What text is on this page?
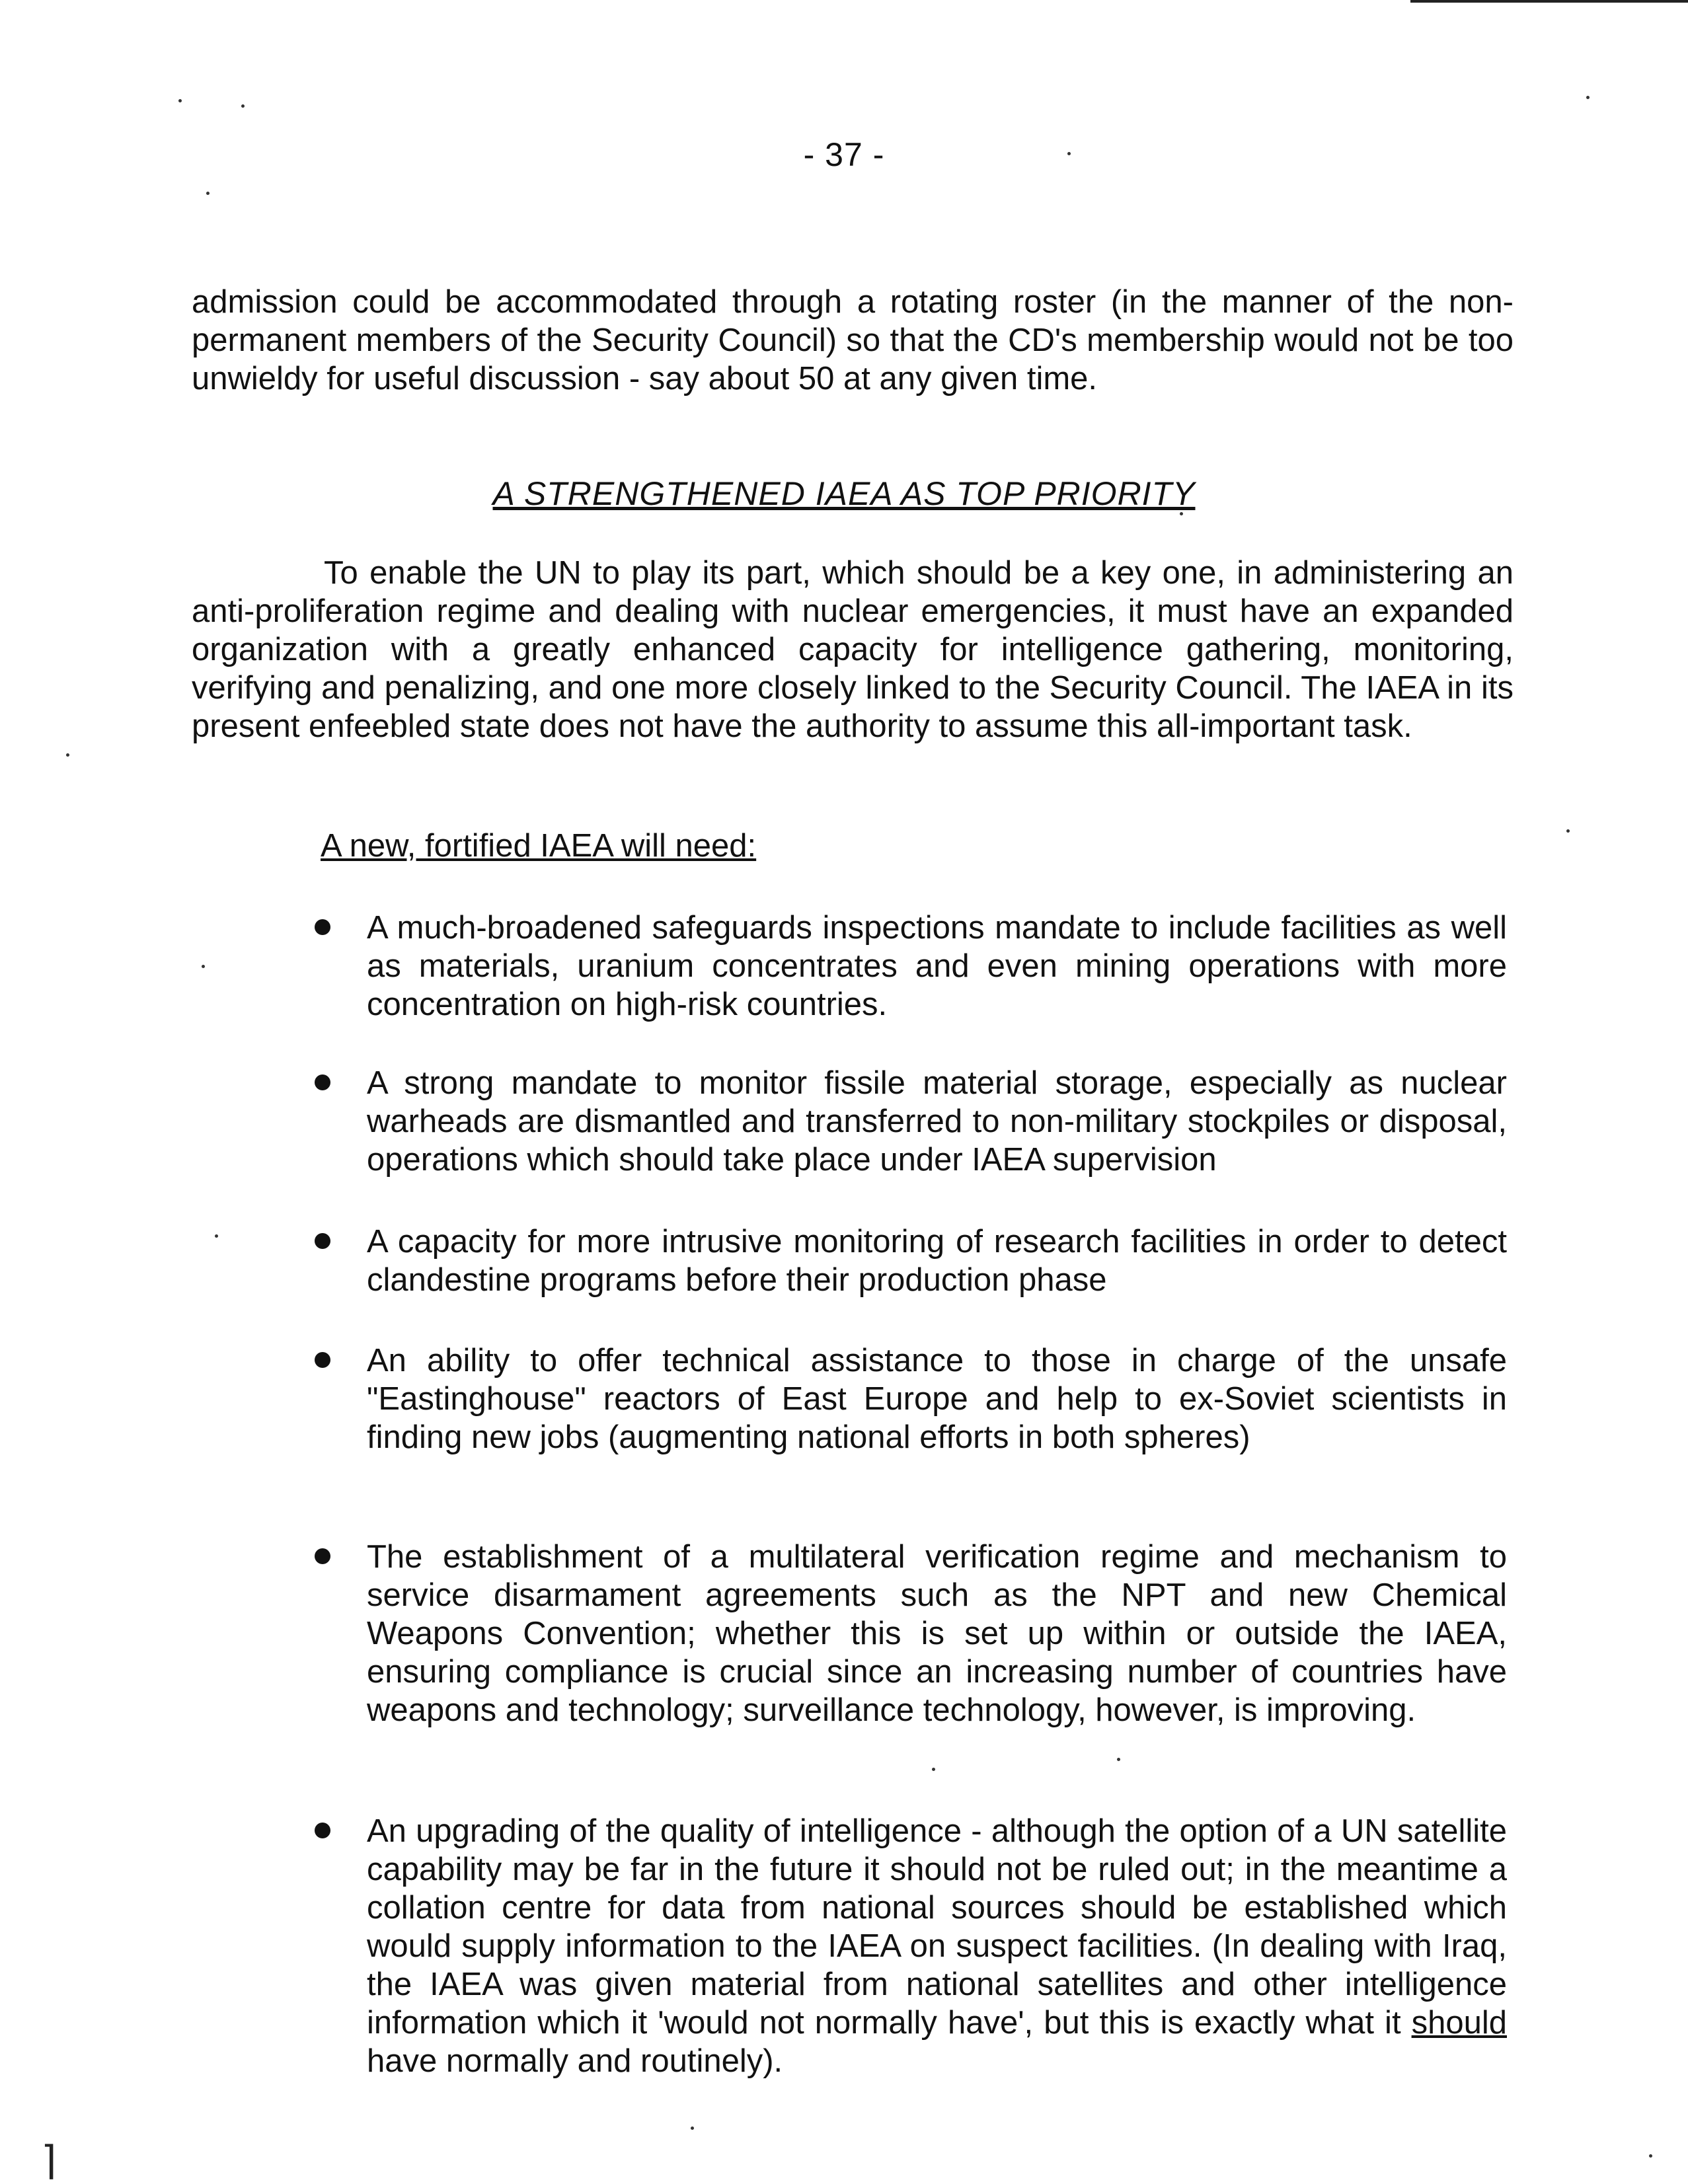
- 37 -

admission could be accommodated through a rotating roster (in the manner of the non-permanent members of the Security Council) so that the CD's membership would not be too unwieldy for useful discussion - say about 50 at any given time.

A STRENGTHENED IAEA AS TOP PRIORITY

To enable the UN to play its part, which should be a key one, in administering an anti-proliferation regime and dealing with nuclear emergencies, it must have an expanded organization with a greatly enhanced capacity for intelligence gathering, monitoring, verifying and penalizing, and one more closely linked to the Security Council. The IAEA in its present enfeebled state does not have the authority to assume this all-important task.

A new, fortified IAEA will need:
A much-broadened safeguards inspections mandate to include facilities as well as materials, uranium concentrates and even mining operations with more concentration on high-risk countries.
A strong mandate to monitor fissile material storage, especially as nuclear warheads are dismantled and transferred to non-military stockpiles or disposal, operations which should take place under IAEA supervision
A capacity for more intrusive monitoring of research facilities in order to detect clandestine programs before their production phase
An ability to offer technical assistance to those in charge of the unsafe "Eastinghouse" reactors of East Europe and help to ex-Soviet scientists in finding new jobs (augmenting national efforts in both spheres)
The establishment of a multilateral verification regime and mechanism to service disarmament agreements such as the NPT and new Chemical Weapons Convention; whether this is set up within or outside the IAEA, ensuring compliance is crucial since an increasing number of countries have weapons and technology; surveillance technology, however, is improving.
An upgrading of the quality of intelligence - although the option of a UN satellite capability may be far in the future it should not be ruled out; in the meantime a collation centre for data from national sources should be established which would supply information to the IAEA on suspect facilities. (In dealing with Iraq, the IAEA was given material from national satellites and other intelligence information which it 'would not normally have', but this is exactly what it should have normally and routinely).
⌉
